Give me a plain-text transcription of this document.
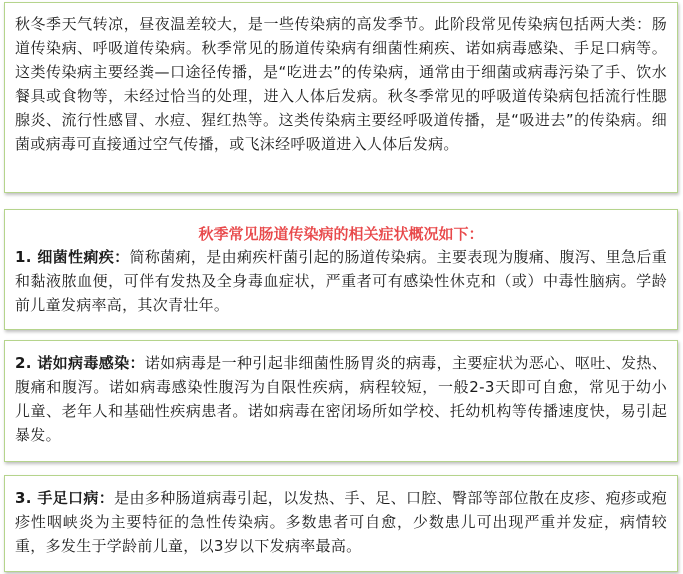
秋冬季天气转凉，昼夜温差较大，是一些传染病的高发季节。此阶段常见传染病包括两大类：肠道传染病、呼吸道传染病。秋季常见的肠道传染病有细菌性痢疾、诺如病毒感染、手足口病等。这类传染病主要经粪—口途径传播，是“吃进去”的传染病，通常由于细菌或病毒污染了手、饮水餐具或食物等，未经过恰当的处理，进入人体后发病。秋冬季常见的呼吸道传染病包括流行性腮腺炎、流行性感冒、水痘、猩红热等。这类传染病主要经呼吸道传播，是“吸进去”的传染病。细菌或病毒可直接通过空气传播，或飞沫经呼吸道进入人体后发病。

秋季常见肠道传染病的相关症状概况如下：

1. 细菌性痢疾：简称菌痢，是由痢疾杆菌引起的肠道传染病。主要表现为腹痛、腹泻、里急后重和黏液脓血便，可伴有发热及全身毒血症状，严重者可有感染性休克和（或）中毒性脑病。学龄前儿童发病率高，其次青壮年。

2. 诺如病毒感染：诺如病毒是一种引起非细菌性肠胃炎的病毒，主要症状为恶心、呕吐、发热、腹痛和腹泻。诺如病毒感染性腹泻为自限性疾病，病程较短，一般2-3天即可自愈，常见于幼小儿童、老年人和基础性疾病患者。诺如病毒在密闭场所如学校、托幼机构等传播速度快，易引起暴发。

3. 手足口病：是由多种肠道病毒引起，以发热、手、足、口腔、臀部等部位散在皮疹、疱疹或疱疹性咽峡炎为主要特征的急性传染病。多数患者可自愈，少数患儿可出现严重并发症，病情较重，多发生于学龄前儿童，以3岁以下发病率最高。
